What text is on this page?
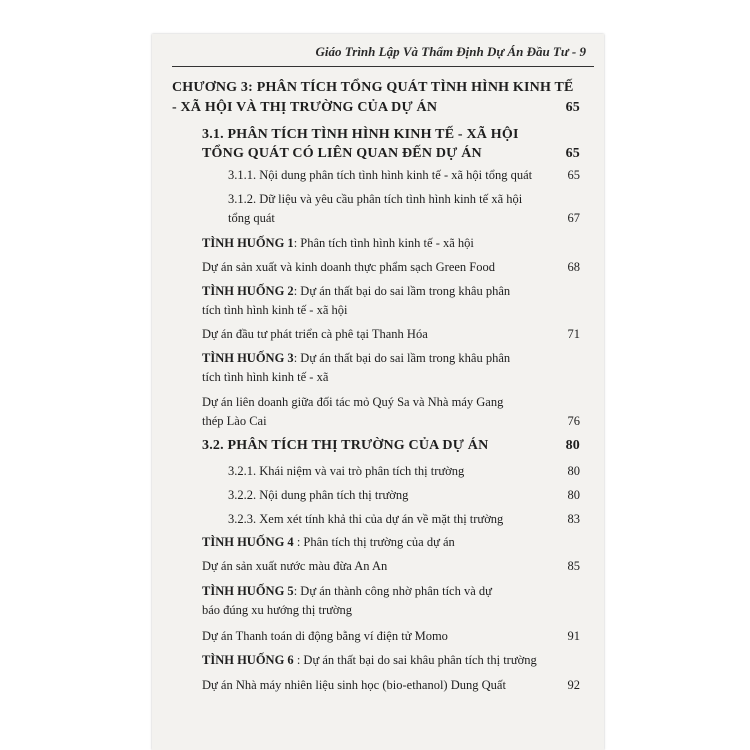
Giáo Trình Lập Và Thẩm Định Dự Án Đầu Tư - 9
CHƯƠNG 3: PHÂN TÍCH TỔNG QUÁT TÌNH HÌNH KINH TẾ
- XÃ HỘI VÀ THỊ TRƯỜNG CỦA DỰ ÁN	65
3.1. PHÂN TÍCH TÌNH HÌNH KINH TẾ - XÃ HỘI
TỔNG QUÁT CÓ LIÊN QUAN ĐẾN DỰ ÁN	65
3.1.1. Nội dung phân tích tình hình kinh tế - xã hội tổng quát	65
3.1.2. Dữ liệu và yêu cầu phân tích tình hình kinh tế xã hội
tổng quát	67
TÌNH HUỐNG 1: Phân tích tình hình kinh tế - xã hội
Dự án sản xuất và kinh doanh thực phẩm sạch Green Food	68
TÌNH HUỐNG 2: Dự án thất bại do sai lầm trong khâu phân
tích tình hình kinh tế - xã hội
Dự án đầu tư phát triển cà phê tại Thanh Hóa	71
TÌNH HUỐNG 3: Dự án thất bại do sai lầm trong khâu phân
tích tình hình kinh tế - xã
Dự án liên doanh giữa đối tác mỏ Quý Sa và Nhà máy Gang
thép Lào Cai	76
3.2. PHÂN TÍCH THỊ TRƯỜNG CỦA DỰ ÁN	80
3.2.1. Khái niệm và vai trò phân tích thị trường	80
3.2.2. Nội dung phân tích thị trường	80
3.2.3. Xem xét tính khả thi của dự án về mặt thị trường	83
TÌNH HUỐNG 4 : Phân tích thị trường của dự án
Dự án sản xuất nước màu đừa An An	85
TÌNH HUỐNG 5: Dự án thành công nhờ phân tích và dự
báo đúng xu hướng thị trường
Dự án Thanh toán di động bằng ví điện tử Momo	91
TÌNH HUỐNG 6 : Dự án thất bại do sai khâu phân tích thị trường
Dự án Nhà máy nhiên liệu sinh học (bio-ethanol) Dung Quất	92
